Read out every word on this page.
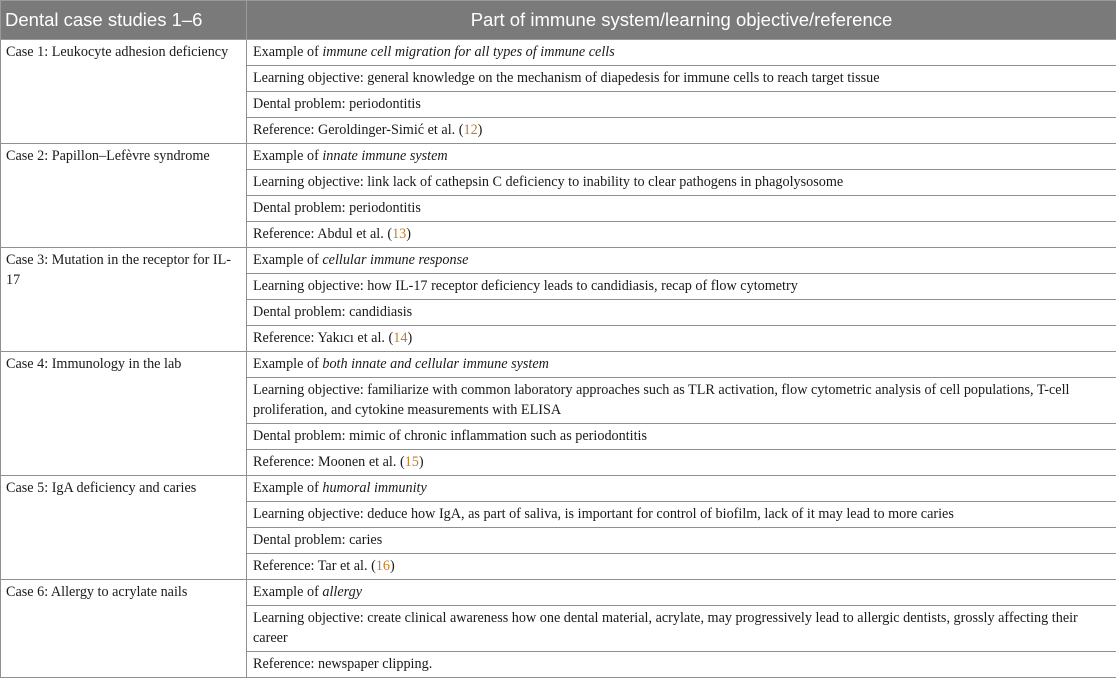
Dental case studies 1–6	Part of immune system/learning objective/reference
Case 1: Leukocyte adhesion deficiency	Example of immune cell migration for all types of immune cells
	Learning objective: general knowledge on the mechanism of diapedesis for immune cells to reach target tissue
	Dental problem: periodontitis
	Reference: Geroldinger-Simić et al. (12)
Case 2: Papillon–Lefèvre syndrome	Example of innate immune system
	Learning objective: link lack of cathepsin C deficiency to inability to clear pathogens in phagolysosome
	Dental problem: periodontitis
	Reference: Abdul et al. (13)
Case 3: Mutation in the receptor for IL-17	Example of cellular immune response
	Learning objective: how IL-17 receptor deficiency leads to candidiasis, recap of flow cytometry
	Dental problem: candidiasis
	Reference: Yakıcı et al. (14)
Case 4: Immunology in the lab	Example of both innate and cellular immune system
	Learning objective: familiarize with common laboratory approaches such as TLR activation, flow cytometric analysis of cell populations, T-cell proliferation, and cytokine measurements with ELISA
	Dental problem: mimic of chronic inflammation such as periodontitis
	Reference: Moonen et al. (15)
Case 5: IgA deficiency and caries	Example of humoral immunity
	Learning objective: deduce how IgA, as part of saliva, is important for control of biofilm, lack of it may lead to more caries
	Dental problem: caries
	Reference: Tar et al. (16)
Case 6: Allergy to acrylate nails	Example of allergy
	Learning objective: create clinical awareness how one dental material, acrylate, may progressively lead to allergic dentists, grossly affecting their career
	Reference: newspaper clipping.
